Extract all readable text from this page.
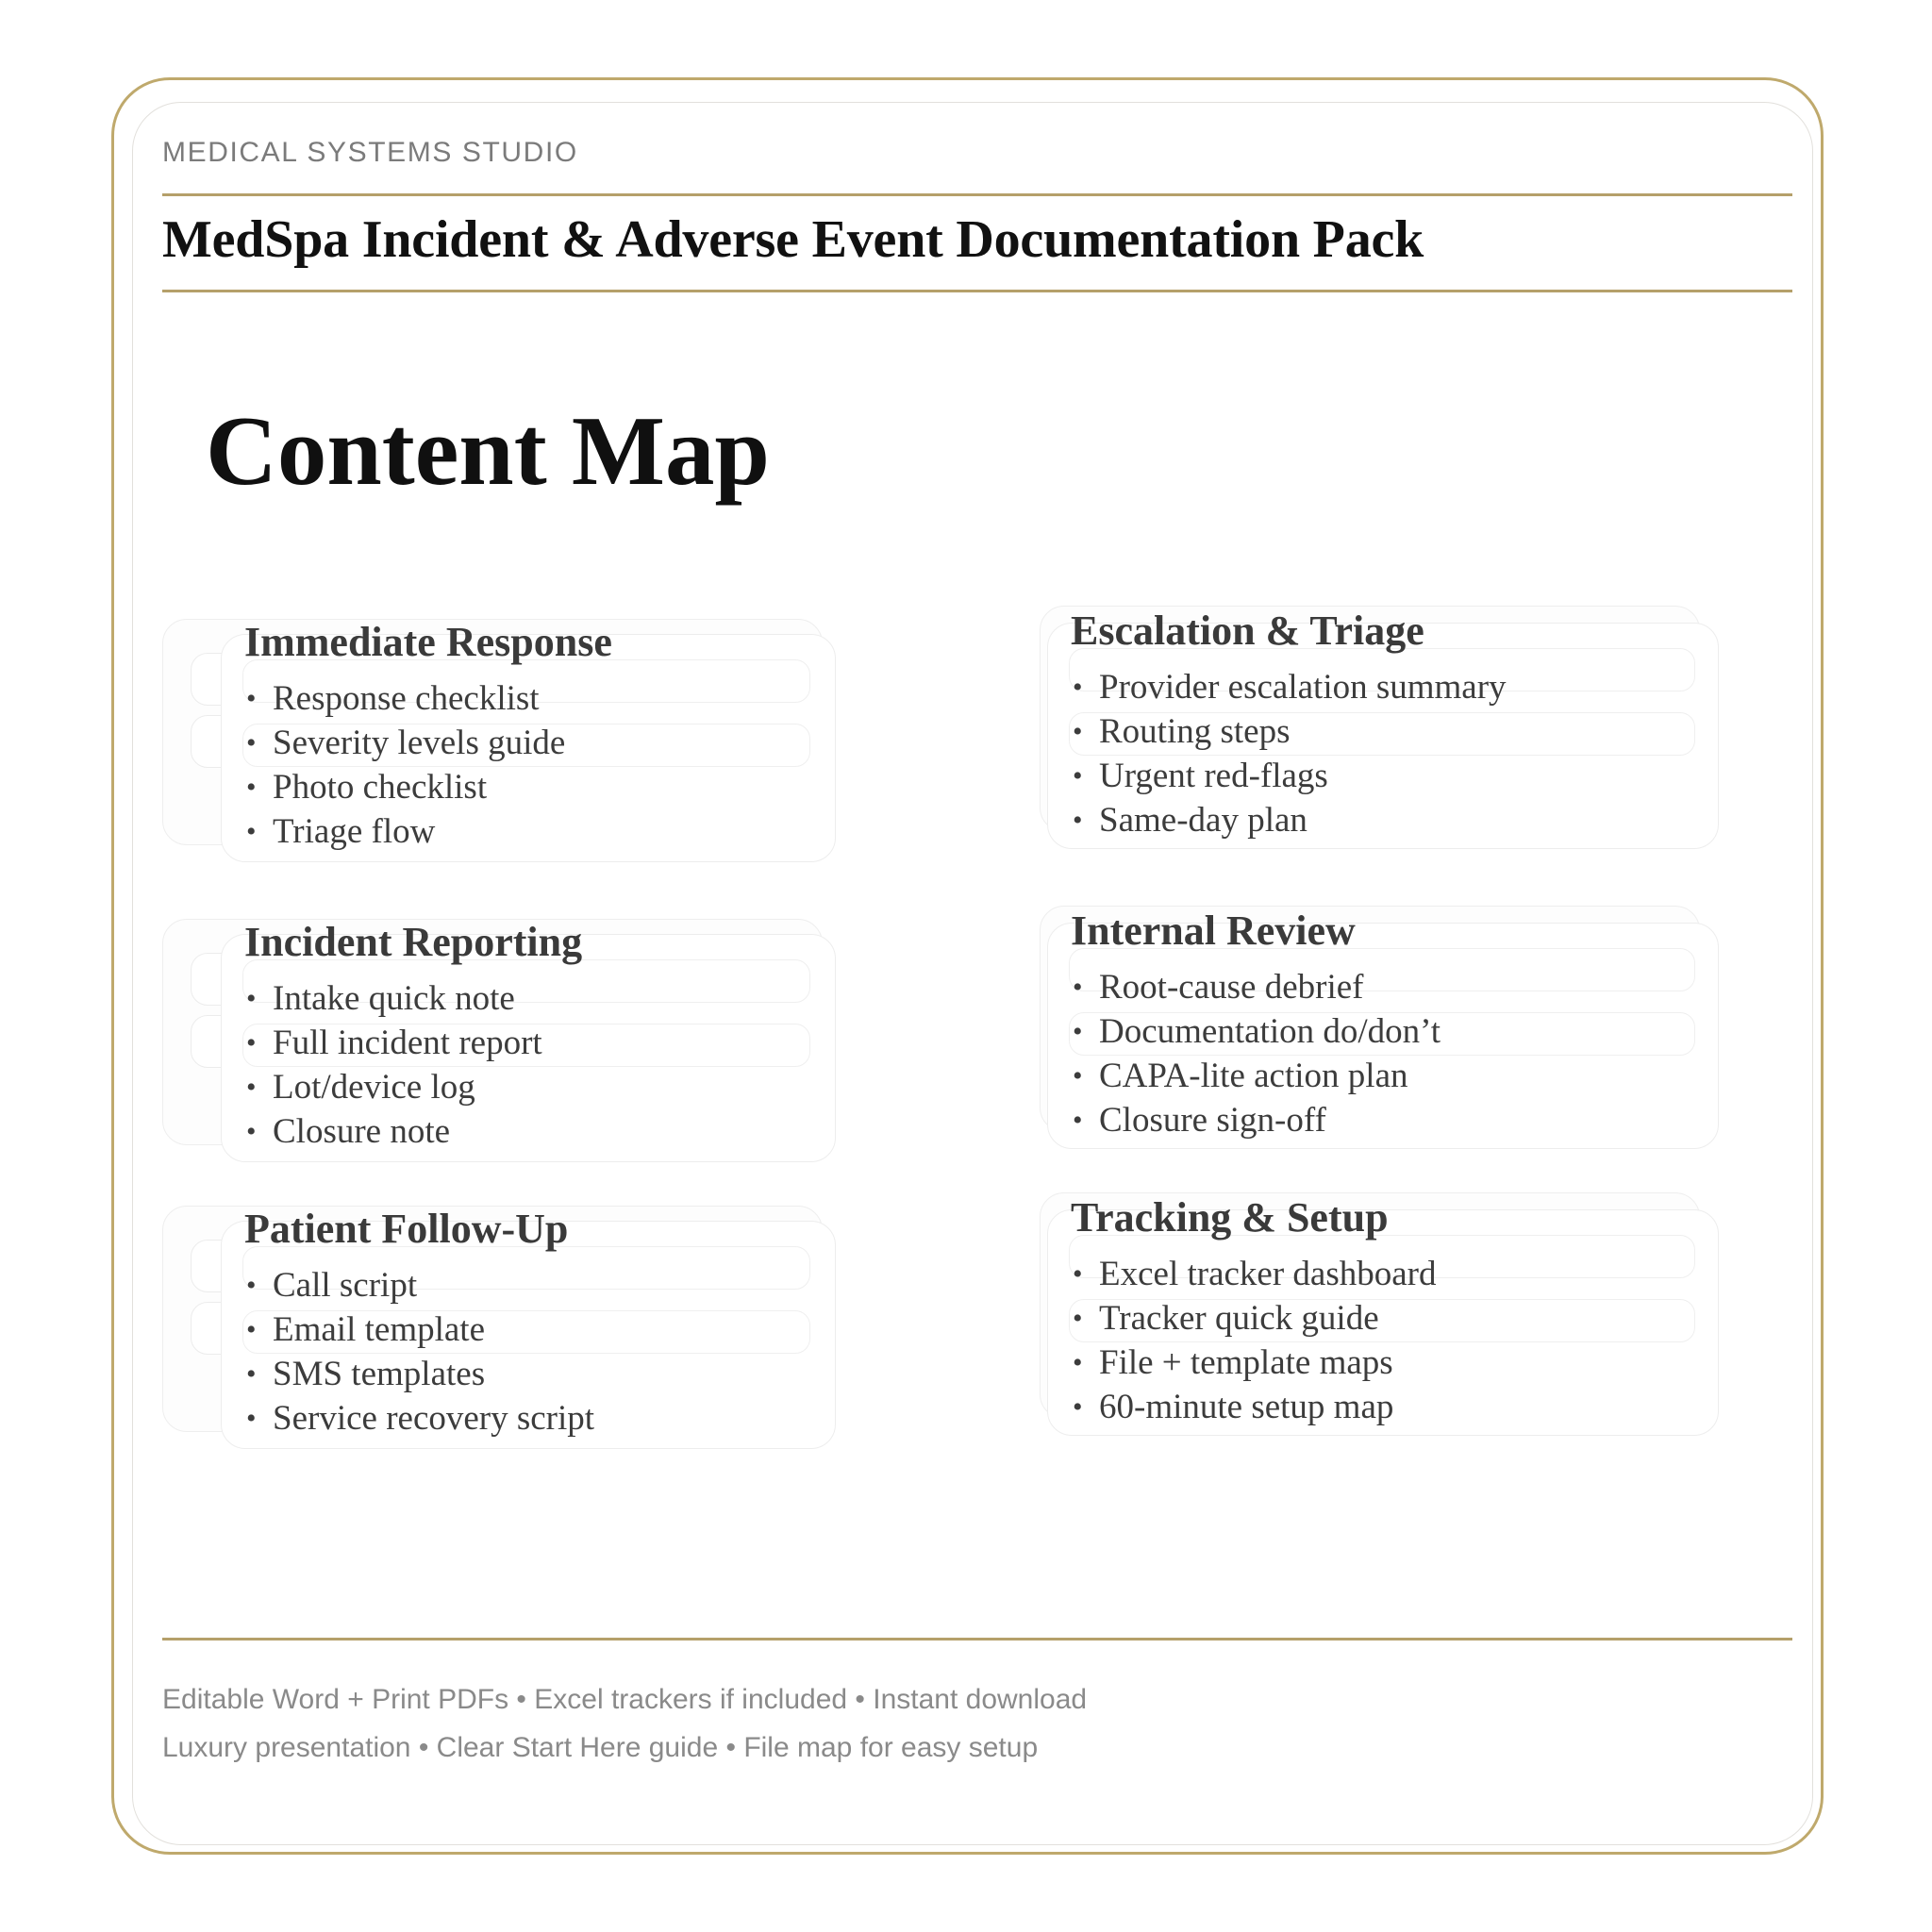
MEDICAL SYSTEMS STUDIO
MedSpa Incident & Adverse Event Documentation Pack
Content Map
Immediate Response
• Response checklist
• Severity levels guide
• Photo checklist
• Triage flow
Escalation & Triage
• Provider escalation summary
• Routing steps
• Urgent red-flags
• Same-day plan
Incident Reporting
• Intake quick note
• Full incident report
• Lot/device log
• Closure note
Internal Review
• Root-cause debrief
• Documentation do/don’t
• CAPA-lite action plan
• Closure sign-off
Patient Follow-Up
• Call script
• Email template
• SMS templates
• Service recovery script
Tracking & Setup
• Excel tracker dashboard
• Tracker quick guide
• File + template maps
• 60-minute setup map
Editable Word + Print PDFs • Excel trackers if included • Instant download
Luxury presentation • Clear Start Here guide • File map for easy setup
